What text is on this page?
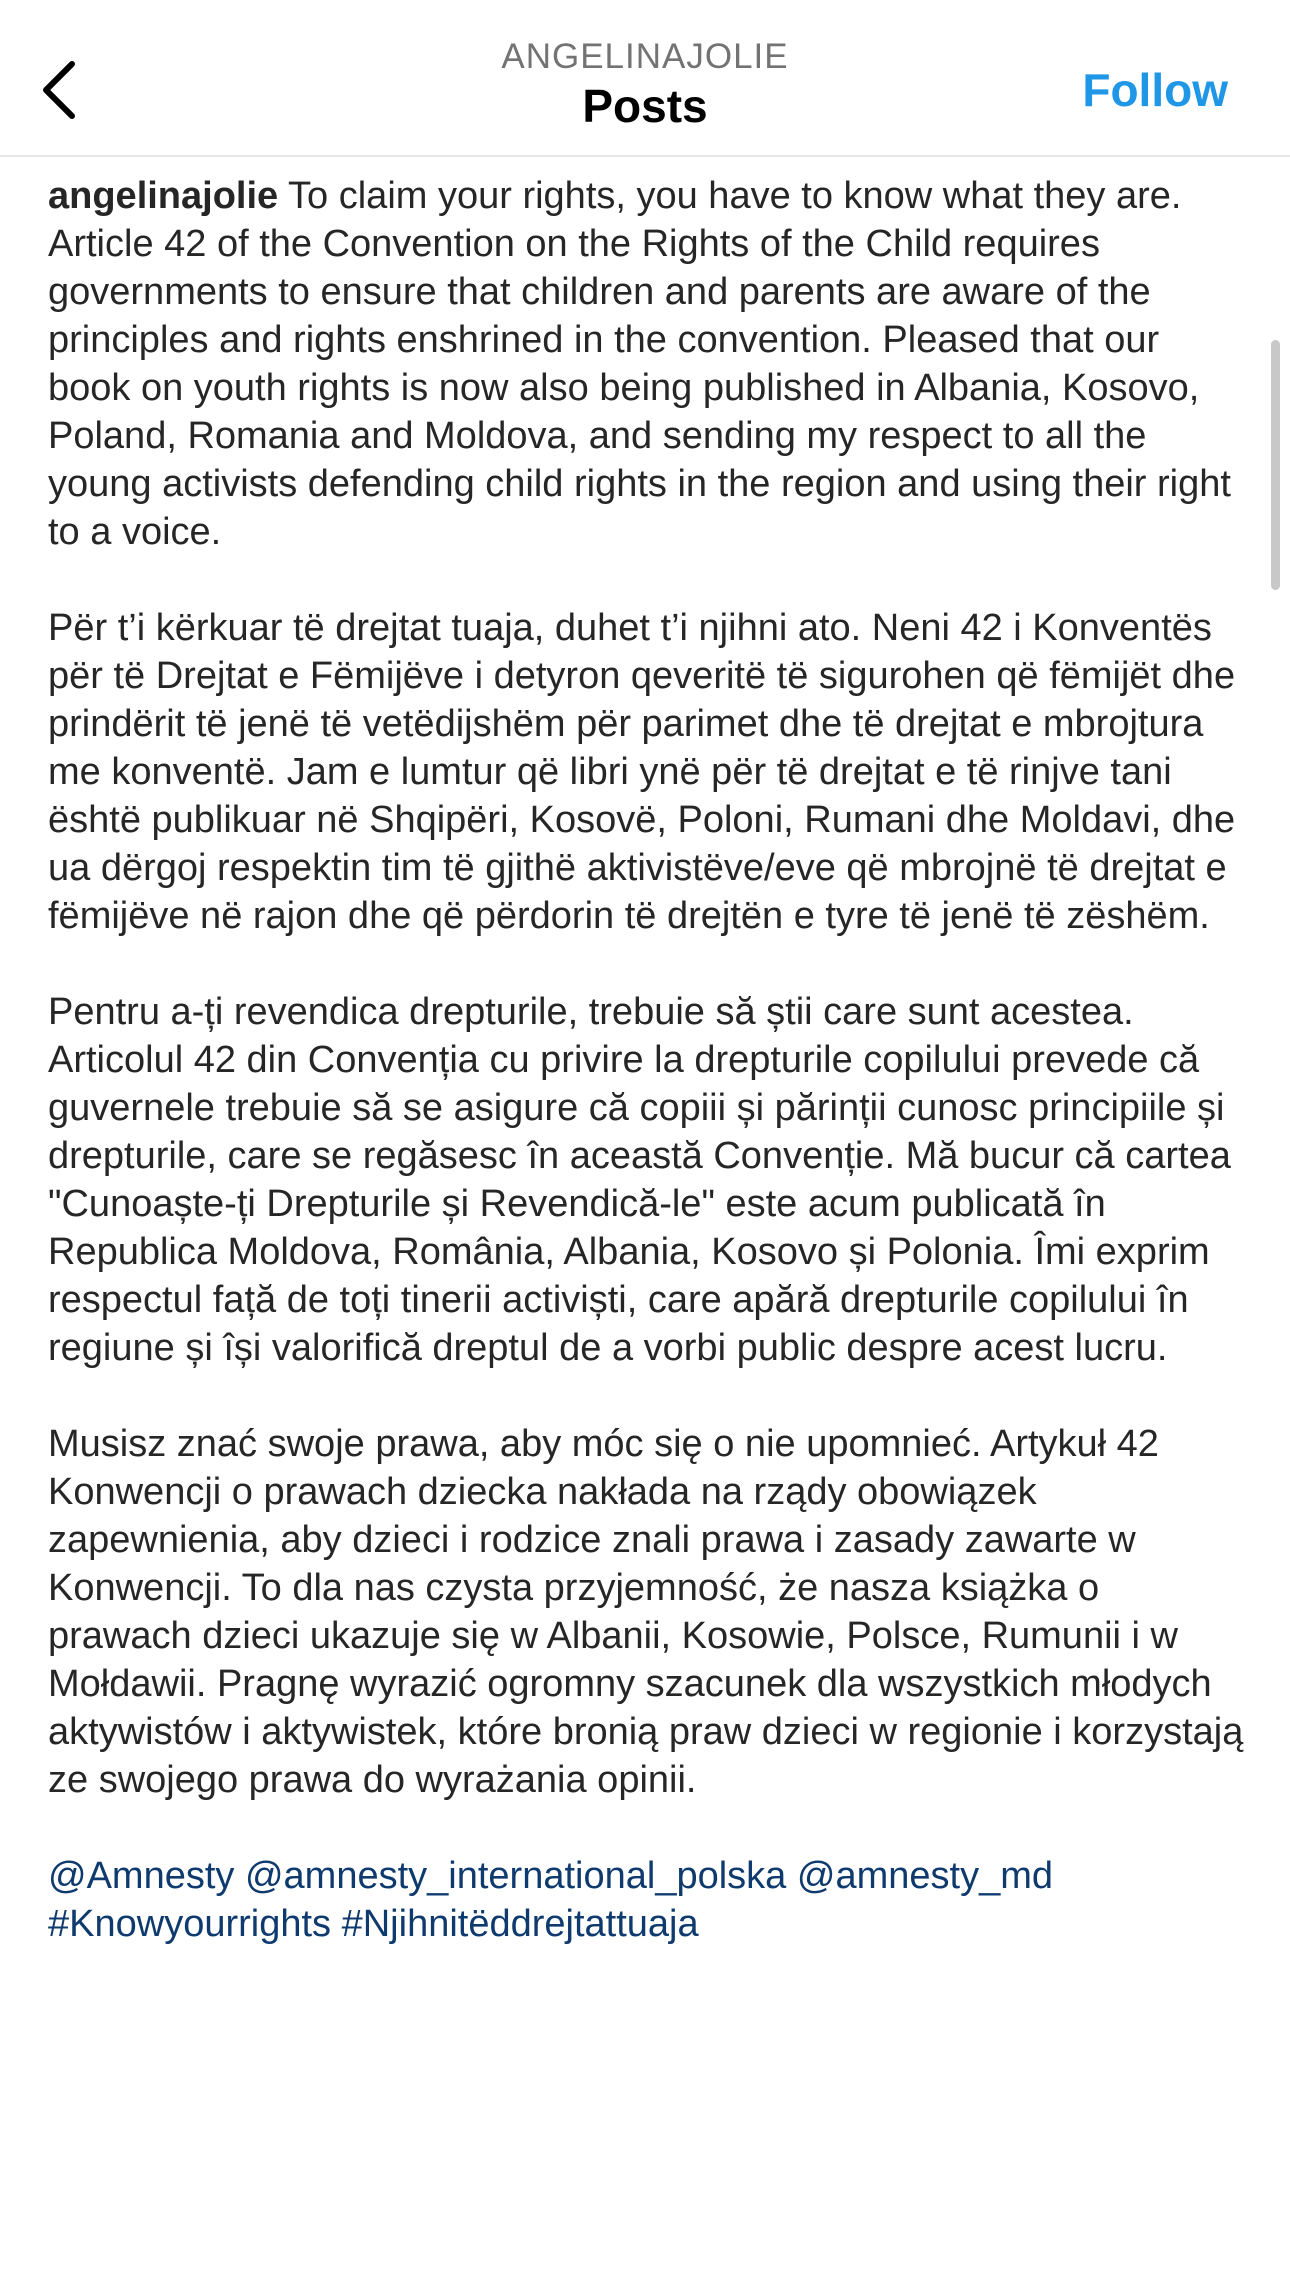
ANGELINAJOLIE
Posts	Follow

angelinajolie To claim your rights, you have to know what they are. Article 42 of the Convention on the Rights of the Child requires governments to ensure that children and parents are aware of the principles and rights enshrined in the convention. Pleased that our book on youth rights is now also being published in Albania, Kosovo, Poland, Romania and Moldova, and sending my respect to all the young activists defending child rights in the region and using their right to a voice.

Për t’i kërkuar të drejtat tuaja, duhet t’i njihni ato. Neni 42 i Konventës për të Drejtat e Fëmijëve i detyron qeveritë të sigurohen që fëmijët dhe prindërit të jenë të vetëdijshëm për parimet dhe të drejtat e mbrojtura me konventë. Jam e lumtur që libri ynë për të drejtat e të rinjve tani është publikuar në Shqipëri, Kosovë, Poloni, Rumani dhe Moldavi, dhe ua dërgoj respektin tim të gjithë aktivistëve/eve që mbrojnë të drejtat e fëmijëve në rajon dhe që përdorin të drejtën e tyre të jenë të zëshëm.

Pentru a-ți revendica drepturile, trebuie să știi care sunt acestea. Articolul 42 din Convenția cu privire la drepturile copilului prevede că guvernele trebuie să se asigure că copiii și părinții cunosc principiile și drepturile, care se regăsesc în această Convenție. Mă bucur că cartea "Cunoaște-ți Drepturile și Revendică-le" este acum publicată în Republica Moldova, România, Albania, Kosovo și Polonia. Îmi exprim respectul față de toți tinerii activiști, care apără drepturile copilului în regiune și își valorifică dreptul de a vorbi public despre acest lucru.

Musisz znać swoje prawa, aby móc się o nie upomnieć. Artykuł 42 Konwencji o prawach dziecka nakłada na rządy obowiązek zapewnienia, aby dzieci i rodzice znali prawa i zasady zawarte w Konwencji. To dla nas czysta przyjemność, że nasza książka o prawach dzieci ukazuje się w Albanii, Kosowie, Polsce, Rumunii i w Mołdawii. Pragnę wyrazić ogromny szacunek dla wszystkich młodych aktywistów i aktywistek, które bronią praw dzieci w regionie i korzystają ze swojego prawa do wyrażania opinii.

@Amnesty @amnesty_international_polska @amnesty_md
#Knowyourrights #Njihnitëddrejtattuaja
